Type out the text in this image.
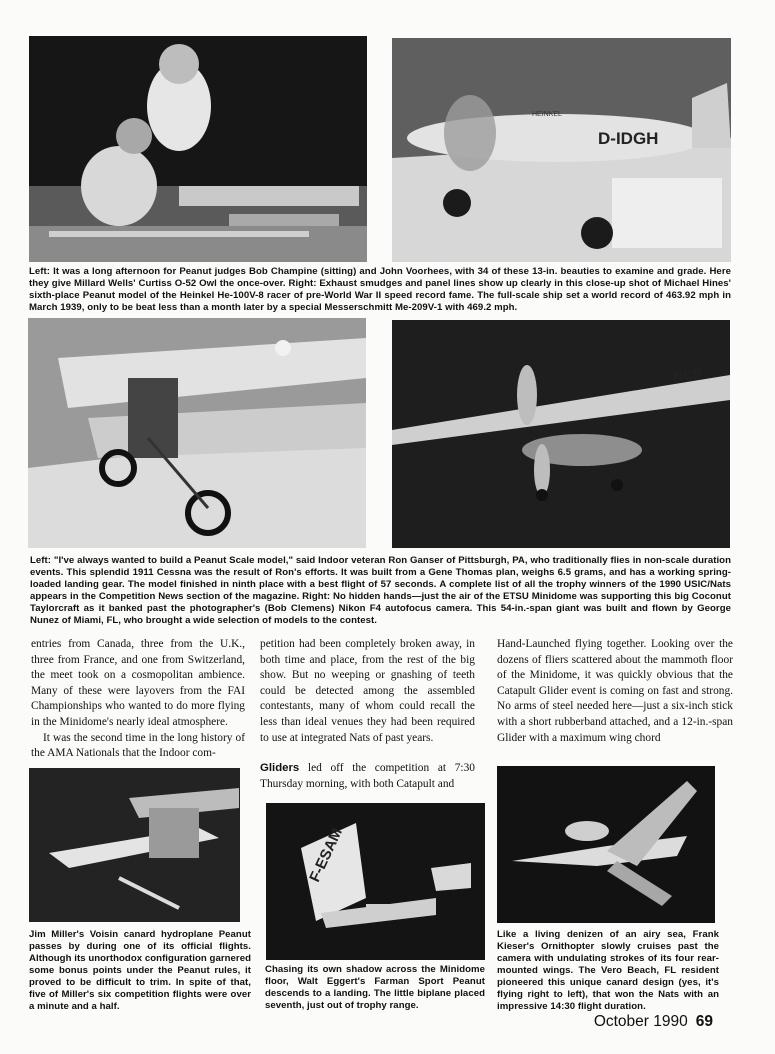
D-IDGH
HEINKEL
Left: It was a long afternoon for Peanut judges Bob Champine (sitting) and John Voorhees, with 34 of these 13-in. beauties to examine and grade. Here they give Millard Wells' Curtiss O-52 Owl the once-over. Right: Exhaust smudges and panel lines show up clearly in this close-up shot of Michael Hines' sixth-place Peanut model of the Heinkel He-100V-8 racer of pre-World War II speed record fame. The full-scale ship set a world record of 463.92 mph in March 1939, only to be beat less than a month later by a special Messerschmitt Me-209V-1 with 469.2 mph.
NC9
Left: "I've always wanted to build a Peanut Scale model," said Indoor veteran Ron Ganser of Pittsburgh, PA, who traditionally flies in non-scale duration events. This splendid 1911 Cessna was the result of Ron's efforts. It was built from a Gene Thomas plan, weighs 6.5 grams, and has a working spring-loaded landing gear. The model finished in ninth place with a best flight of 57 seconds. A complete list of all the trophy winners of the 1990 USIC/Nats appears in the Competition News section of the magazine. Right: No hidden hands—just the air of the ETSU Minidome was supporting this big Coconut Taylorcraft as it banked past the photographer's (Bob Clemens) Nikon F4 autofocus camera. This 54-in.-span giant was built and flown by George Nunez of Miami, FL, who brought a wide selection of models to the contest.

entries from Canada, three from the U.K., three from France, and one from Switzerland, the meet took on a cosmopolitan ambience. Many of these were layovers from the FAI Championships who wanted to do more flying in the Minidome's nearly ideal atmosphere.

It was the second time in the long history of the AMA Nationals that the Indoor com-

petition had been completely broken away, in both time and place, from the rest of the big show. But no weeping or gnashing of teeth could be detected among the assembled contestants, many of whom could recall the less than ideal venues they had been required to use at integrated Nats of past years.

Gliders led off the competition at 7:30 Thursday morning, with both Catapult and

Hand-Launched flying together. Looking over the dozens of fliers scattered about the mammoth floor of the Minidome, it was quickly obvious that the Catapult Glider event is coming on fast and strong. No arms of steel needed here—just a six-inch stick with a short rubberband attached, and a 12-in.-span Glider with a maximum wing chord

F-ESAM
Jim Miller's Voisin canard hydroplane Peanut passes by during one of its official flights. Although its unorthodox configuration garnered some bonus points under the Peanut rules, it proved to be difficult to trim. In spite of that, five of Miller's six competition flights were over a minute and a half.
Chasing its own shadow across the Minidome floor, Walt Eggert's Farman Sport Peanut descends to a landing. The little biplane placed seventh, just out of trophy range.
Like a living denizen of an airy sea, Frank Kieser's Ornithopter slowly cruises past the camera with undulating strokes of its four rear-mounted wings. The Vero Beach, FL resident pioneered this unique canard design (yes, it's flying right to left), that won the Nats with an impressive 14:30 flight duration.
October 1990 69
